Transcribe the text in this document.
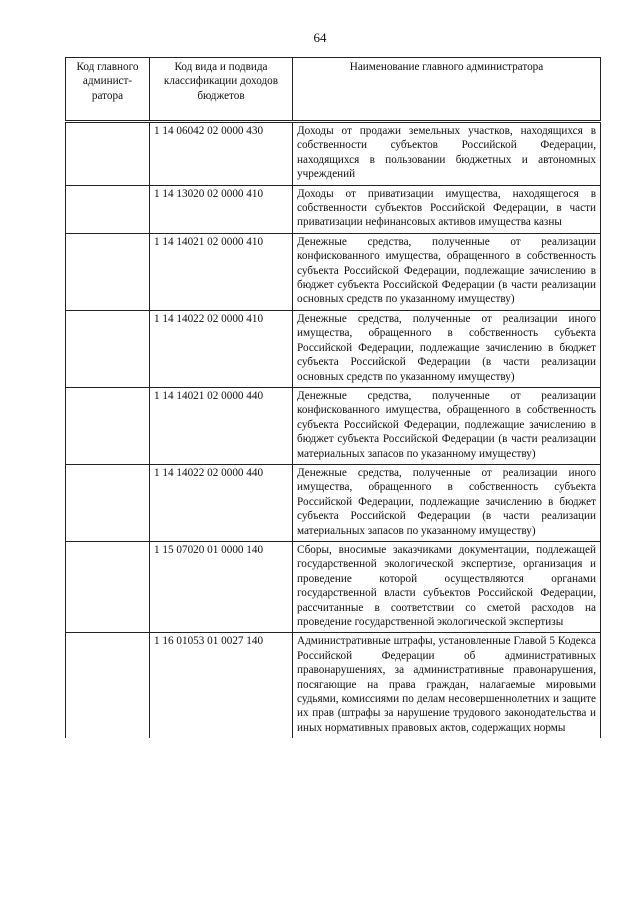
64
Код главного админист-ратора	Код вида и подвида классификации доходов бюджетов	Наименование главного администратора
	1 14 06042 02 0000 430	Доходы от продажи земельных участков, находящихся в собственности субъектов Российской Федерации, находящихся в пользовании бюджетных и автономных учреждений
	1 14 13020 02 0000 410	Доходы от приватизации имущества, находящегося в собственности субъектов Российской Федерации, в части приватизации нефинансовых активов имущества казны
	1 14 14021 02 0000 410	Денежные средства, полученные от реализации конфискованного имущества, обращенного в собственность субъекта Российской Федерации, подлежащие зачислению в бюджет субъекта Российской Федерации (в части реализации основных средств по указанному имуществу)
	1 14 14022 02 0000 410	Денежные средства, полученные от реализации иного имущества, обращенного в собственность субъекта Российской Федерации, подлежащие зачислению в бюджет субъекта Российской Федерации (в части реализации основных средств по указанному имуществу)
	1 14 14021 02 0000 440	Денежные средства, полученные от реализации конфискованного имущества, обращенного в собственность субъекта Российской Федерации, подлежащие зачислению в бюджет субъекта Российской Федерации (в части реализации материальных запасов по указанному имуществу)
	1 14 14022 02 0000 440	Денежные средства, полученные от реализации иного имущества, обращенного в собственность субъекта Российской Федерации, подлежащие зачислению в бюджет субъекта Российской Федерации (в части реализации материальных запасов по указанному имуществу)
	1 15 07020 01 0000 140	Сборы, вносимые заказчиками документации, подлежащей государственной экологической экспертизе, организация и проведение которой осуществляются органами государственной власти субъектов Российской Федерации, рассчитанные в соответствии со сметой расходов на проведение государственной экологической экспертизы
	1 16 01053 01 0027 140	Административные штрафы, установленные Главой 5 Кодекса Российской Федерации об административных правонарушениях, за административные правонарушения, посягающие на права граждан, налагаемые мировыми судьями, комиссиями по делам несовершеннолетних и защите их прав (штрафы за нарушение трудового законодательства и иных нормативных правовых актов, содержащих нормы
